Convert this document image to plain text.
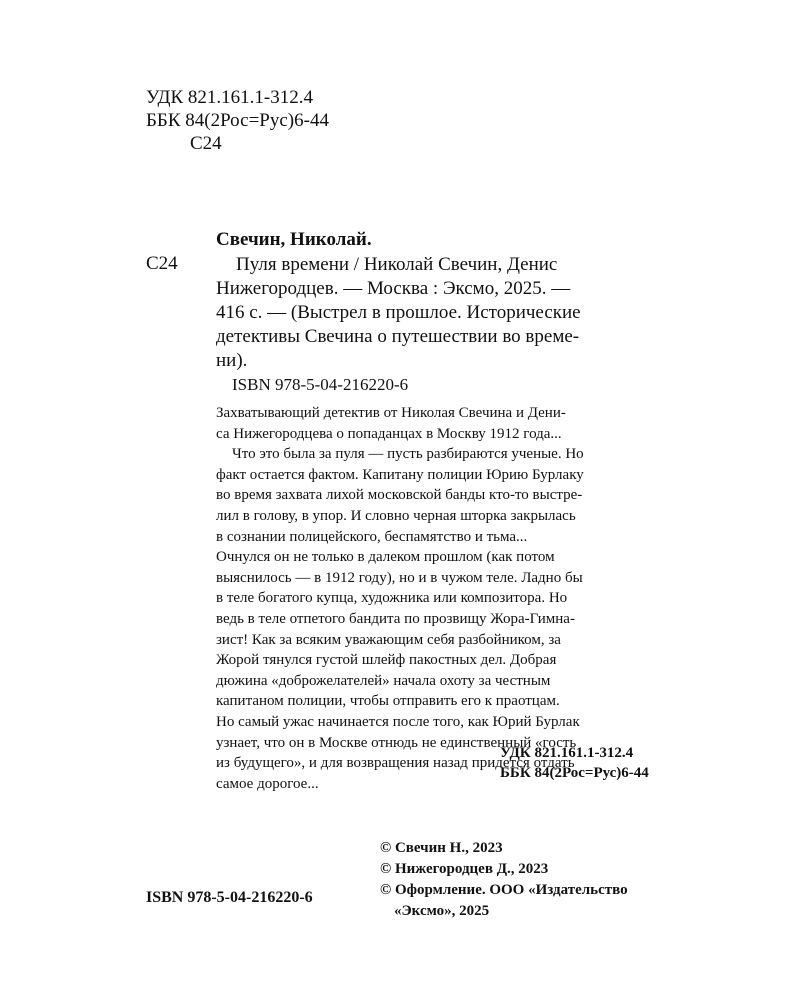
УДК 821.161.1-312.4
ББК 84(2Рос=Рус)6-44
С24
Свечин, Николай.
С24	Пуля времени / Николай Свечин, Денис
Нижегородцев. — Москва : Эксмо, 2025. —
416 с. — (Выстрел в прошлое. Исторические
детективы Свечина о путешествии во време-
ни).
ISBN 978-5-04-216220-6
Захватывающий детектив от Николая Свечина и Дени-
са Нижегородцева о попаданцах в Москву 1912 года...
Что это была за пуля — пусть разбираются ученые. Но
факт остается фактом. Капитану полиции Юрию Бурлаку
во время захвата лихой московской банды кто-то выстре-
лил в голову, в упор. И словно черная шторка закрылась
в сознании полицейского, беспамятство и тьма...
Очнулся он не только в далеком прошлом (как потом
выяснилось — в 1912 году), но и в чужом теле. Ладно бы
в теле богатого купца, художника или композитора. Но
ведь в теле отпетого бандита по прозвищу Жора-Гимна-
зист! Как за всяким уважающим себя разбойником, за
Жорой тянулся густой шлейф пакостных дел. Добрая
дюжина «доброжелателей» начала охоту за честным
капитаном полиции, чтобы отправить его к праотцам.
Но самый ужас начинается после того, как Юрий Бурлак
узнает, что он в Москве отнюдь не единственный «гость
из будущего», и для возвращения назад придется отдать
самое дорогое...
УДК 821.161.1-312.4
ББК 84(2Рос=Рус)6-44
© Свечин Н., 2023
© Нижегородцев Д., 2023
© Оформление. ООО «Издательство
«Эксмо», 2025
ISBN 978-5-04-216220-6
